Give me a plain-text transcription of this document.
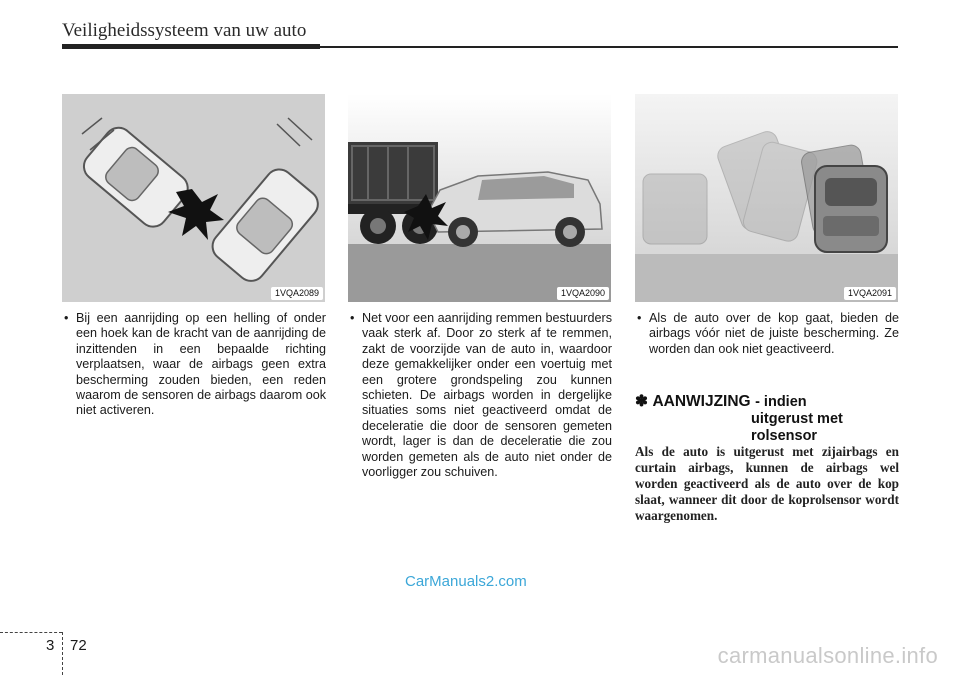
Veiligheidssysteem van uw auto
1VQA2089	1VQA2090	1VQA2091
• Bij een aanrijding op een helling of onder een hoek kan de kracht van de aanrijding de inzittenden in een bepaalde richting verplaatsen, waar de airbags geen extra bescherming zouden bieden, een reden waarom de sensoren de airbags daarom ook niet activeren.
• Net voor een aanrijding remmen bestuurders vaak sterk af. Door zo sterk af te remmen, zakt de voorzijde van de auto in, waardoor deze gemakkelijker onder een voertuig met een grotere grondspeling zou kunnen schieten. De airbags worden in dergelijke situaties soms niet geactiveerd omdat de deceleratie die door de sensoren gemeten wordt, lager is dan de deceleratie die zou worden gemeten als de auto niet onder de voorligger zou schuiven.
• Als de auto over de kop gaat, bieden de airbags vóór niet de juiste bescherming. Ze worden dan ook niet geactiveerd.
✽ AANWIJZING - indien
uitgerust met
rolsensor
Als de auto is uitgerust met zijairbags en curtain airbags, kunnen de airbags wel worden geactiveerd als de auto over de kop slaat, wanneer dit door de koprolsensor wordt waargenomen.
CarManuals2.com
3 72	carmanualsonline.info
